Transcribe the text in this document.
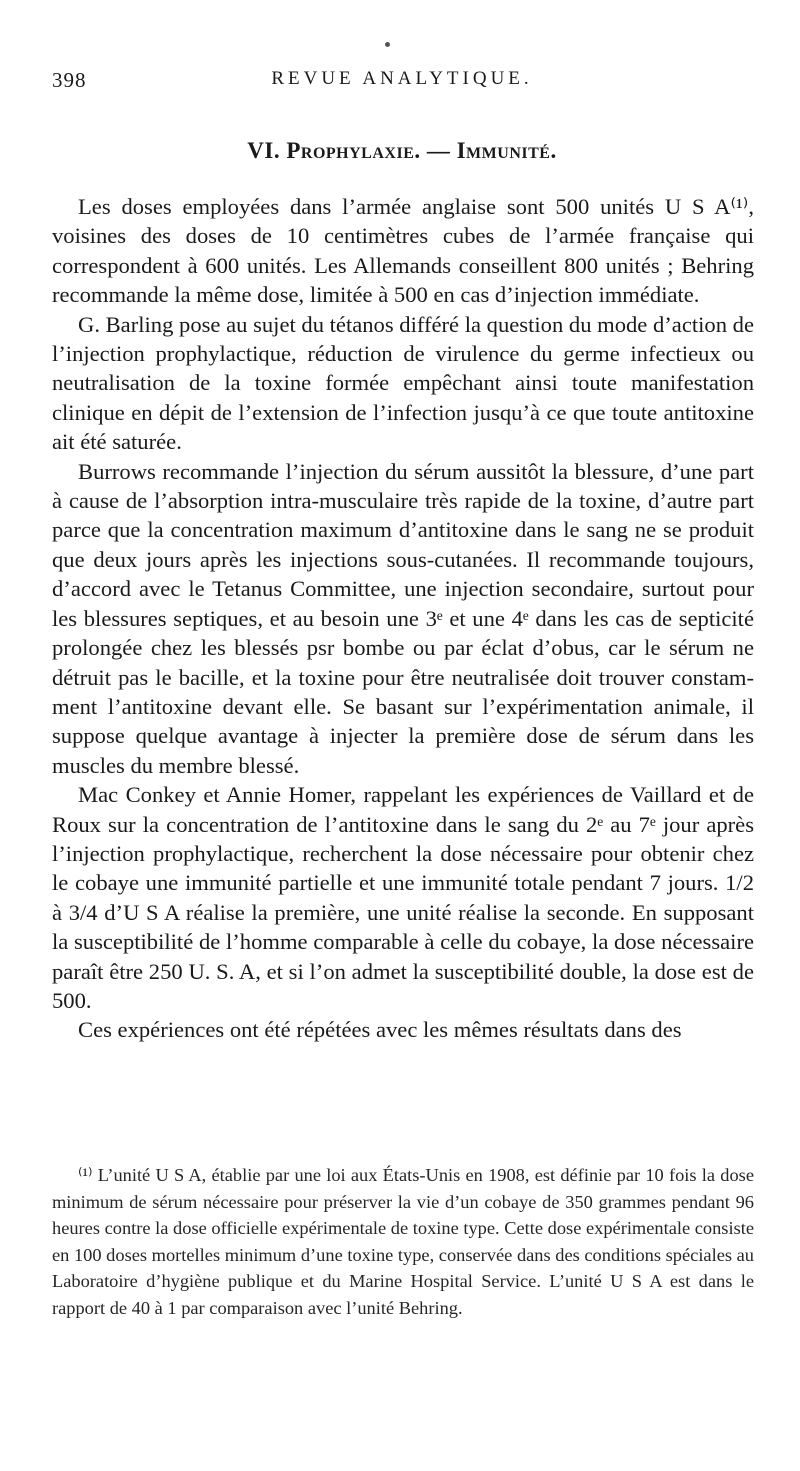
398	REVUE ANALYTIQUE.
VI. Prophylaxie. — Immunité.

Les doses employées dans l’armée anglaise sont 500 unités U S A⁽¹⁾, voisines des doses de 10 centimètres cubes de l’armée française qui correspondent à 600 unités. Les Allemands conseillent 800 unités ; Behring recommande la même dose, limitée à 500 en cas d’injection immédiate.

G. Barling pose au sujet du tétanos différé la question du mode d’action de l’injection prophylactique, réduction de virulence du germe infectieux ou neutralisation de la toxine formée empêchant ainsi toute manifestation clinique en dépit de l’extension de l’infection jusqu’à ce que toute antitoxine ait été saturée.

Burrows recommande l’injection du sérum aussitôt la blessure, d’une part à cause de l’absorption intra-musculaire très rapide de la toxine, d’autre part parce que la concentration maximum d’antitoxine dans le sang ne se produit que deux jours après les injections sous-cutanées. Il recommande toujours, d’accord avec le Tetanus Committee, une injection secondaire, surtout pour les blessures septiques, et au besoin une 3ᵉ et une 4ᵉ dans les cas de septicité prolongée chez les blessés psr bombe ou par éclat d’obus, car le sérum ne détruit pas le bacille, et la toxine pour être neutralisée doit trouver constamment l’antitoxine devant elle. Se basant sur l’expérimentation animale, il suppose quelque avantage à injecter la première dose de sérum dans les muscles du membre blessé.

Mac Conkey et Annie Homer, rappelant les expériences de Vaillard et de Roux sur la concentration de l’antitoxine dans le sang du 2ᵉ au 7ᵉ jour après l’injection prophylactique, recherchent la dose nécessaire pour obtenir chez le cobaye une immunité partielle et une immunité totale pendant 7 jours. 1/2 à 3/4 d’U S A réalise la première, une unité réalise la seconde. En supposant la susceptibilité de l’homme comparable à celle du cobaye, la dose nécessaire paraît être 250 U. S. A, et si l’on admet la susceptibilité double, la dose est de 500.

Ces expériences ont été répétées avec les mêmes résultats dans des

⁽¹⁾ L’unité U S A, établie par une loi aux États-Unis en 1908, est définie par 10 fois la dose minimum de sérum nécessaire pour préserver la vie d’un cobaye de 350 grammes pendant 96 heures contre la dose officielle expérimentale de toxine type. Cette dose expérimentale consiste en 100 doses mortelles minimum d’une toxine type, conservée dans des conditions spéciales au Laboratoire d’hygiène publique et du Marine Hospital Service. L’unité U S A est dans le rapport de 40 à 1 par comparaison avec l’unité Behring.
